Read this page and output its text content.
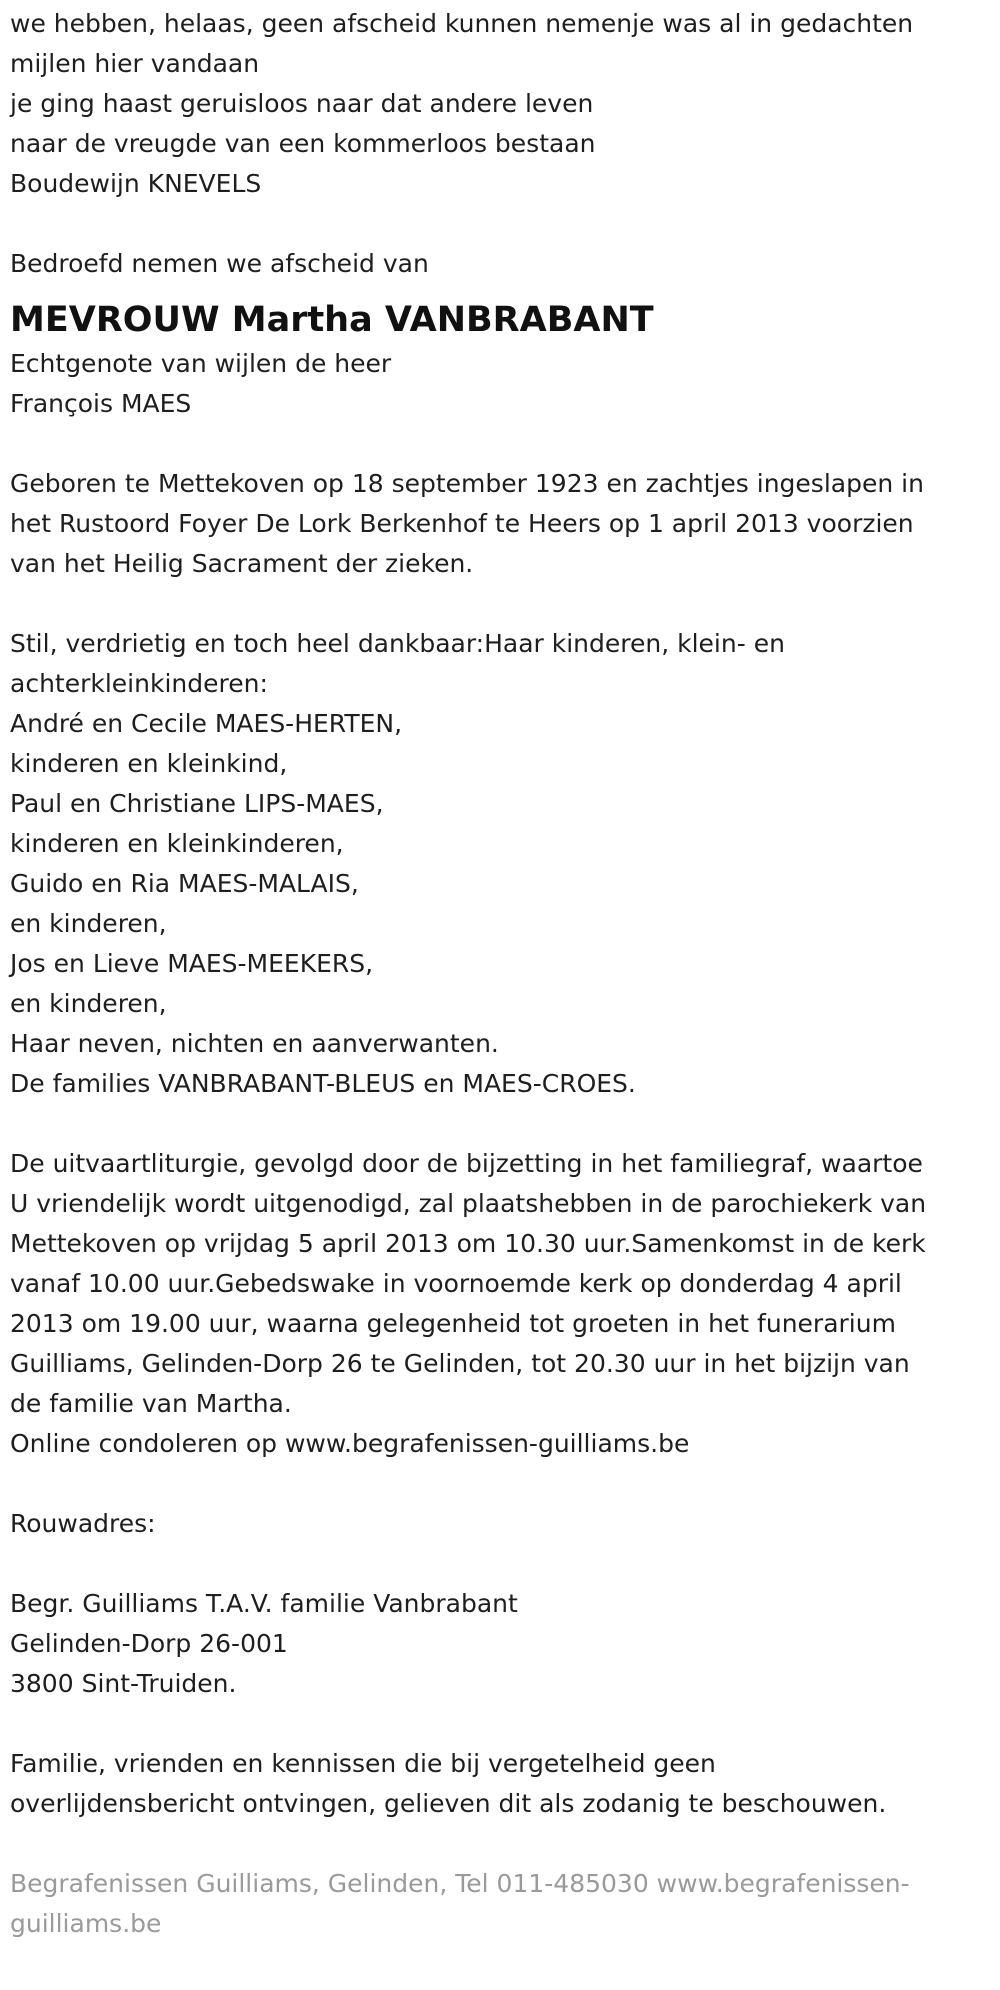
we hebben, helaas, geen afscheid kunnen nemenje was al in gedachten
mijlen hier vandaan
je ging haast geruisloos naar dat andere leven
naar de vreugde van een kommerloos bestaan
Boudewijn KNEVELS
Bedroefd nemen we afscheid van
MEVROUW Martha VANBRABANT
Echtgenote van wijlen de heer
François MAES
Geboren te Mettekoven op 18 september 1923 en zachtjes ingeslapen in
het Rustoord Foyer De Lork Berkenhof te Heers op 1 april 2013 voorzien
van het Heilig Sacrament der zieken.
Stil, verdrietig en toch heel dankbaar:Haar kinderen, klein- en
achterkleinkinderen:
André en Cecile MAES-HERTEN,
kinderen en kleinkind,
Paul en Christiane LIPS-MAES,
kinderen en kleinkinderen,
Guido en Ria MAES-MALAIS,
en kinderen,
Jos en Lieve MAES-MEEKERS,
en kinderen,
Haar neven, nichten en aanverwanten.
De families VANBRABANT-BLEUS en MAES-CROES.
De uitvaartliturgie, gevolgd door de bijzetting in het familiegraf, waartoe
U vriendelijk wordt uitgenodigd, zal plaatshebben in de parochiekerk van
Mettekoven op vrijdag 5 april 2013 om 10.30 uur.Samenkomst in de kerk
vanaf 10.00 uur.Gebedswake in voornoemde kerk op donderdag 4 april
2013 om 19.00 uur, waarna gelegenheid tot groeten in het funerarium
Guilliams, Gelinden-Dorp 26 te Gelinden, tot 20.30 uur in het bijzijn van
de familie van Martha.
Online condoleren op www.begrafenissen-guilliams.be
Rouwadres:
Begr. Guilliams T.A.V. familie Vanbrabant
Gelinden-Dorp 26-001
3800 Sint-Truiden.
Familie, vrienden en kennissen die bij vergetelheid geen
overlijdensbericht ontvingen, gelieven dit als zodanig te beschouwen.
Begrafenissen Guilliams, Gelinden, Tel 011-485030 www.begrafenissen-
guilliams.be
